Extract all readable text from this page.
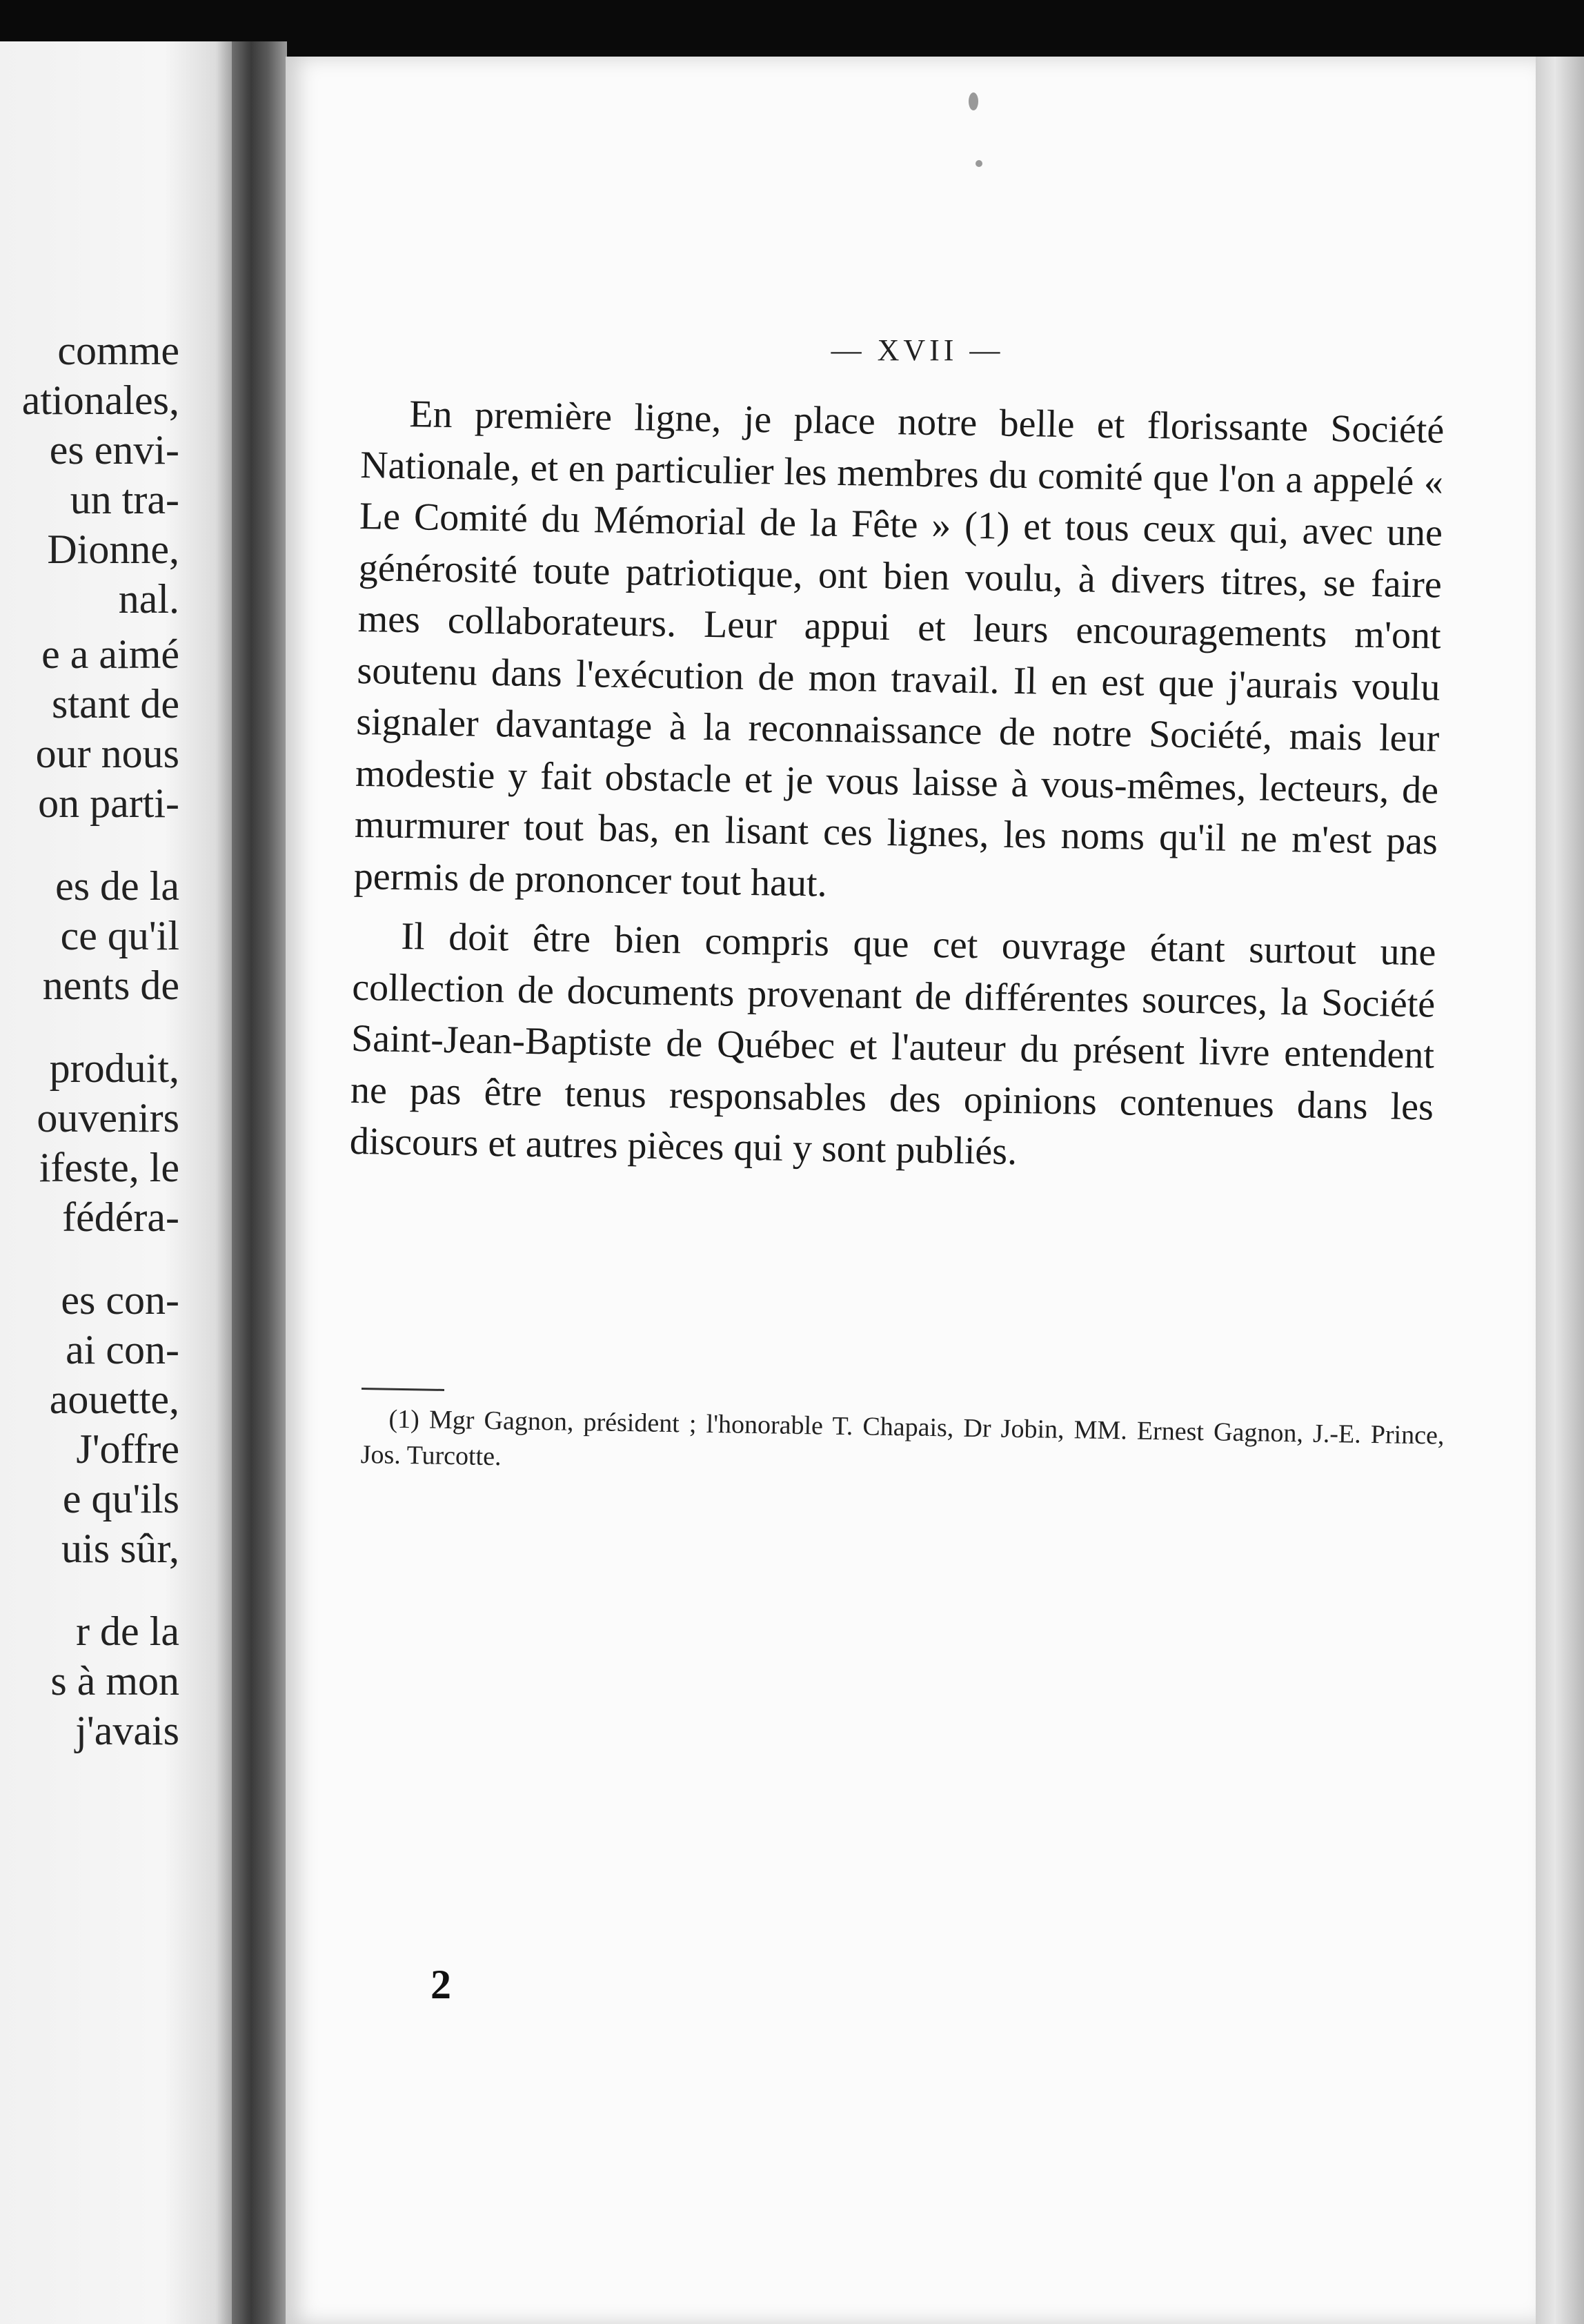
comme
ationales,
es envi-
un tra-
Dionne,
nal.
e a aimé
stant de
our nous
on parti-
es de la
ce qu'il
nents de
produit,
ouvenirs
ifeste, le
fédéra-
es con-
ai con-
aouette,
J'offre
e qu'ils
uis sûr,
r de la
s à mon
j'avais
— XVII —

En première ligne, je place notre belle et florissante Société Nationale, et en particulier les membres du comité que l'on a appelé « Le Comité du Mémorial de la Fête » (1) et tous ceux qui, avec une générosité toute patriotique, ont bien voulu, à divers titres, se faire mes collaborateurs. Leur appui et leurs encouragements m'ont soutenu dans l'exécution de mon travail. Il en est que j'aurais voulu signaler davantage à la reconnaissance de notre Société, mais leur modestie y fait obstacle et je vous laisse à vous-mêmes, lecteurs, de murmurer tout bas, en lisant ces lignes, les noms qu'il ne m'est pas permis de prononcer tout haut.

Il doit être bien compris que cet ouvrage étant surtout une collection de documents provenant de différentes sources, la Société Saint-Jean-Baptiste de Québec et l'auteur du présent livre entendent ne pas être tenus responsables des opinions contenues dans les discours et autres pièces qui y sont publiés.

(1) Mgr Gagnon, président ; l'honorable T. Chapais, Dr Jobin, MM. Ernest Gagnon, J.-E. Prince, Jos. Turcotte.
2
